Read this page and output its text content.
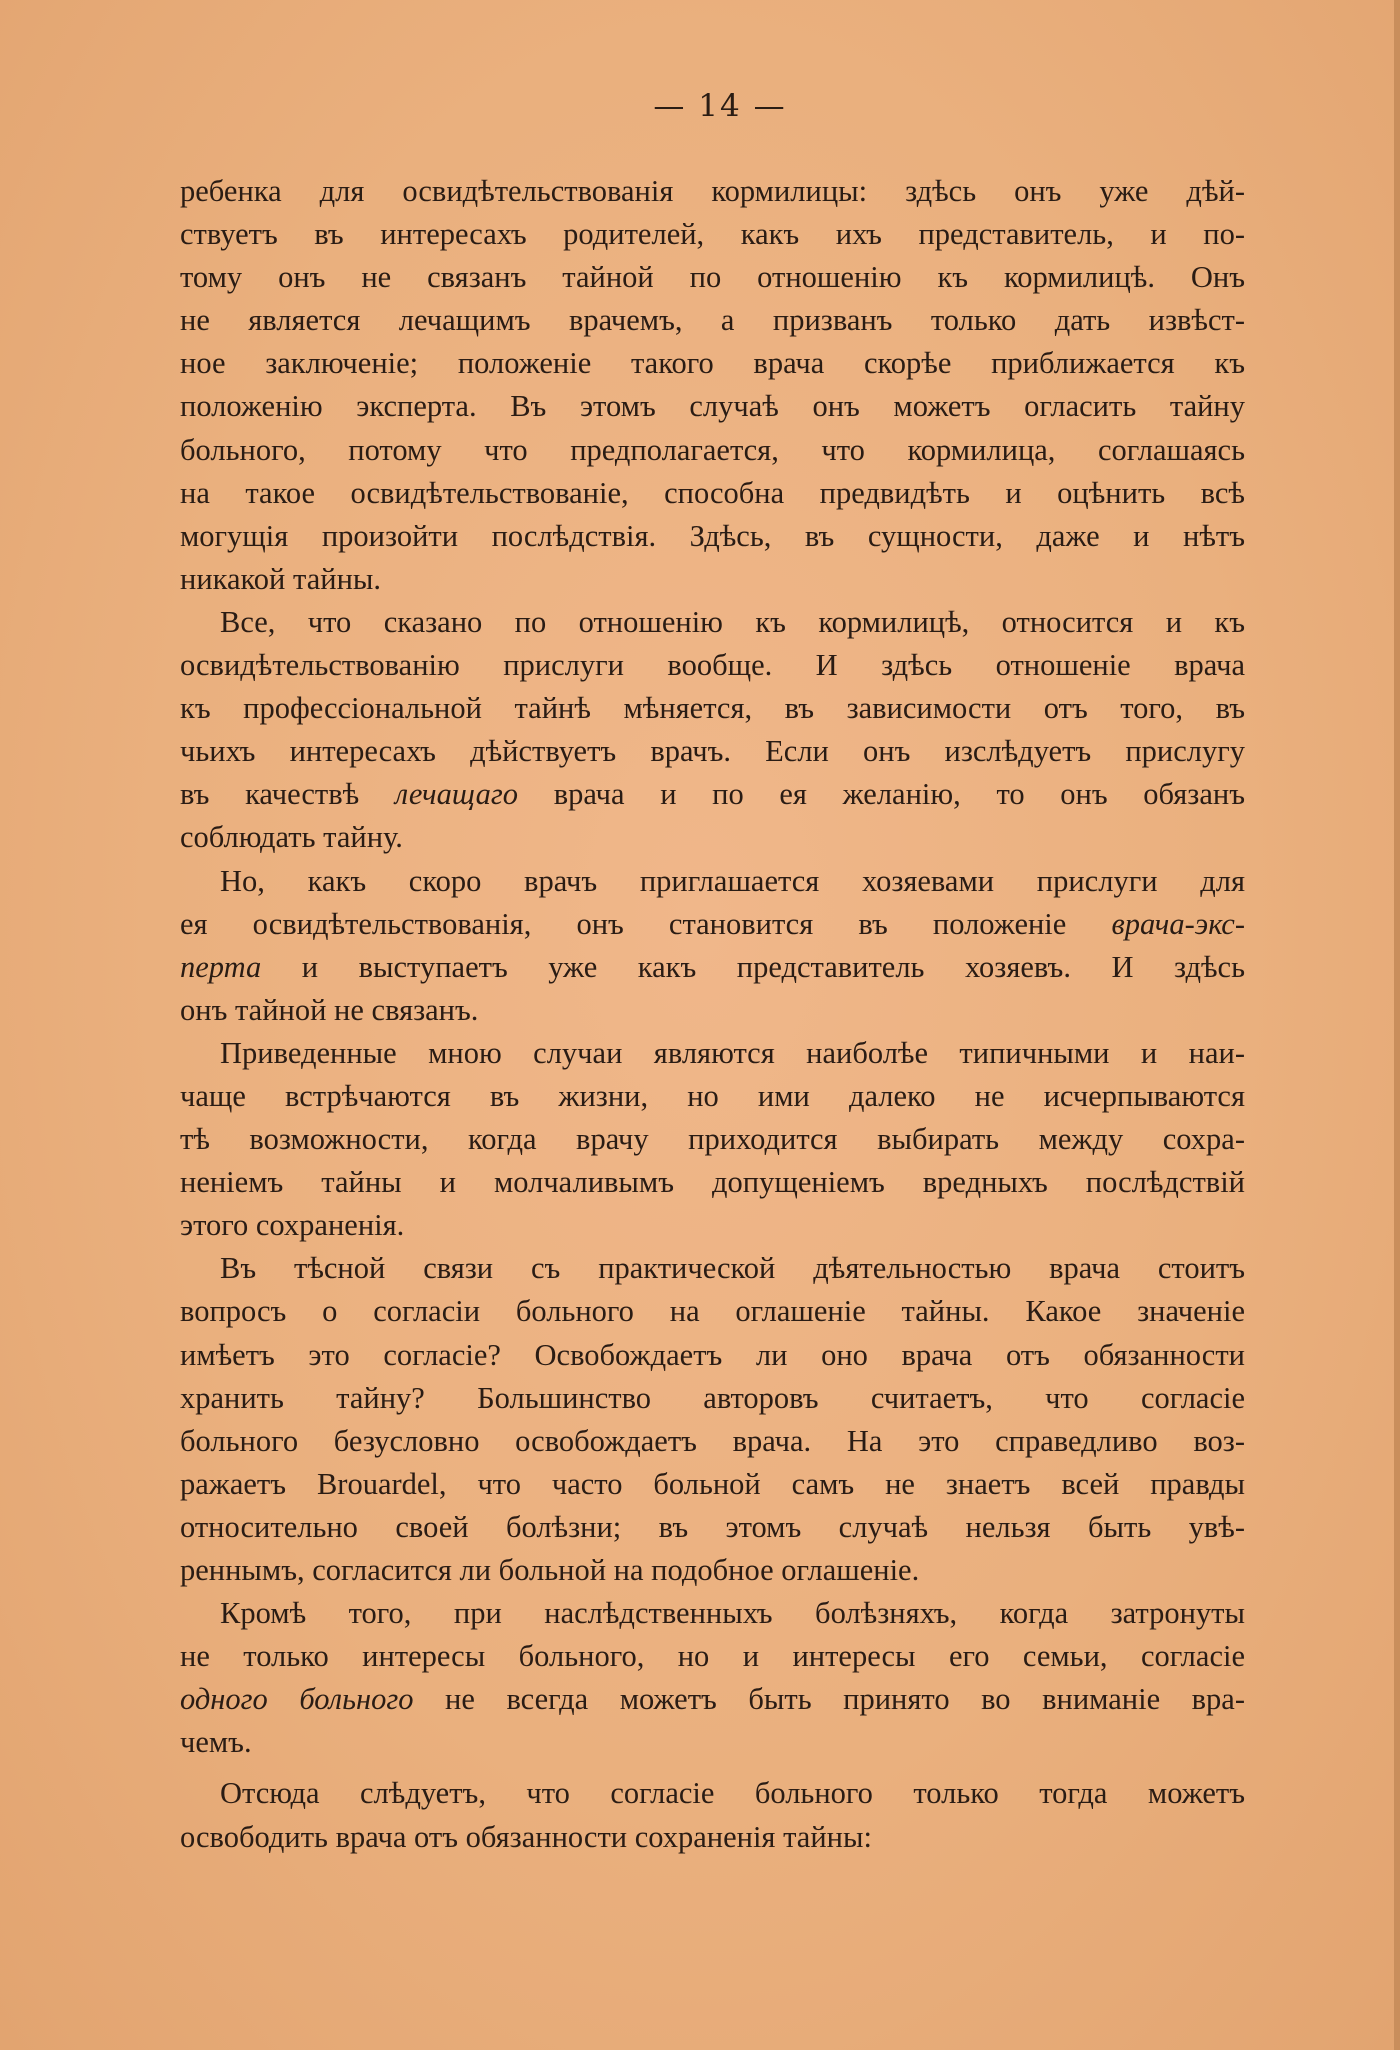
— 14 —

ребенка для освидѣтельствованія кормилицы: здѣсь онъ уже дѣй-

ствуетъ въ интересахъ родителей, какъ ихъ представитель, и по-

тому онъ не связанъ тайной по отношенію къ кормилицѣ. Онъ

не является лечащимъ врачемъ, а призванъ только дать извѣст-

ное заключеніе; положеніе такого врача скорѣе приближается къ

положенію эксперта. Въ этомъ случаѣ онъ можетъ огласить тайну

больного, потому что предполагается, что кормилица, соглашаясь

на такое освидѣтельствованіе, способна предвидѣть и оцѣнить всѣ

могущія произойти послѣдствія. Здѣсь, въ сущности, даже и нѣтъ

никакой тайны.

Все, что сказано по отношенію къ кормилицѣ, относится и къ

освидѣтельствованію прислуги вообще. И здѣсь отношеніе врача

къ профессіональной тайнѣ мѣняется, въ зависимости отъ того, въ

чьихъ интересахъ дѣйствуетъ врачъ. Если онъ изслѣдуетъ прислугу

въ качествѣ лечащаго врача и по ея желанію, то онъ обязанъ

соблюдать тайну.

Но, какъ скоро врачъ приглашается хозяевами прислуги для

ея освидѣтельствованія, онъ становится въ положеніе врача-экс-

перта и выступаетъ уже какъ представитель хозяевъ. И здѣсь

онъ тайной не связанъ.

Приведенные мною случаи являются наиболѣе типичными и наи-

чаще встрѣчаются въ жизни, но ими далеко не исчерпываются

тѣ возможности, когда врачу приходится выбирать между сохра-

неніемъ тайны и молчаливымъ допущеніемъ вредныхъ послѣдствій

этого сохраненія.

Въ тѣсной связи съ практической дѣятельностью врача стоитъ

вопросъ о согласіи больного на оглашеніе тайны. Какое значеніе

имѣетъ это согласіе? Освобождаетъ ли оно врача отъ обязанности

хранить тайну? Большинство авторовъ считаетъ, что согласіе

больного безусловно освобождаетъ врача. На это справедливо воз-

ражаетъ Brouardel, что часто больной самъ не знаетъ всей правды

относительно своей болѣзни; въ этомъ случаѣ нельзя быть увѣ-

реннымъ, согласится ли больной на подобное оглашеніе.

Кромѣ того, при наслѣдственныхъ болѣзняхъ, когда затронуты

не только интересы больного, но и интересы его семьи, согласіе

одного больного не всегда можетъ быть принято во вниманіе вра-

чемъ.

Отсюда слѣдуетъ, что согласіе больного только тогда можетъ

освободить врача отъ обязанности сохраненія тайны:
